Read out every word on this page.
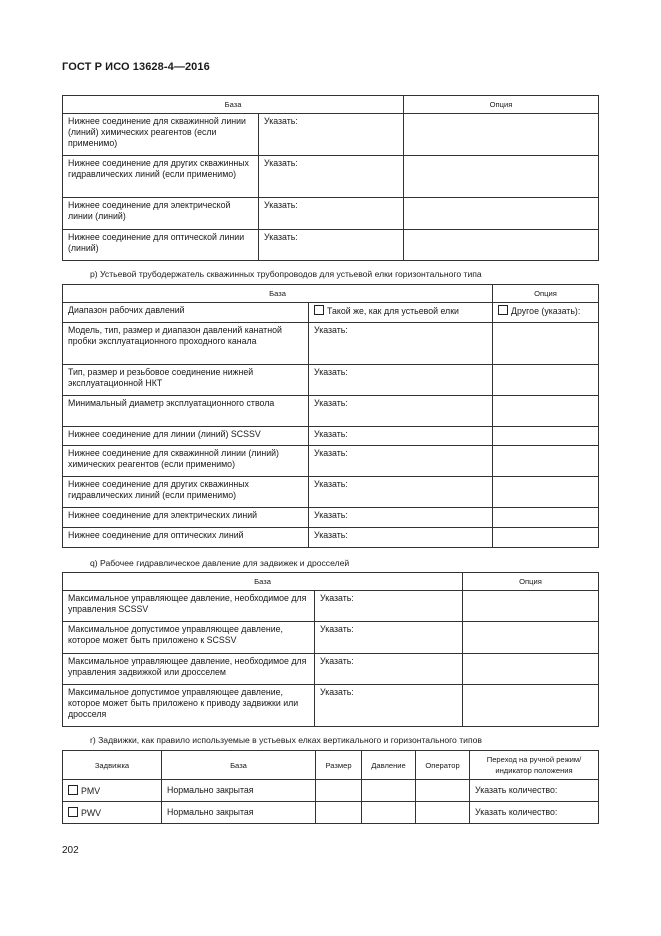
ГОСТ Р ИСО 13628-4—2016
База		Опция
Нижнее соединение для скважинной линии (линий) химических реагентов (если применимо)	Указать:	
Нижнее соединение для других скважинных гидравлических линий (если применимо)	Указать:	
Нижнее соединение для электрической линии (линий)	Указать:	
Нижнее соединение для оптической линии (линий)	Указать:	
p) Устьевой трубодержатель скважинных трубопроводов для устьевой елки горизонтального типа
База		Опция
Диапазон рабочих давлений	Такой же, как для устьевой елки	Другое (указать):
Модель, тип, размер и диапазон давлений канатной пробки эксплуатационного проходного канала	Указать:	
Тип, размер и резьбовое соединение нижней эксплуатационной НКТ	Указать:	
Минимальный диаметр эксплуатационного ствола	Указать:	
Нижнее соединение для линии (линий) SCSSV	Указать:	
Нижнее соединение для скважинной линии (линий) химических реагентов (если применимо)	Указать:	
Нижнее соединение для других скважинных гидравлических линий (если применимо)	Указать:	
Нижнее соединение для электрических линий	Указать:	
Нижнее соединение для оптических линий	Указать:	
q) Рабочее гидравлическое давление для задвижек и дросселей
База		Опция
Максимальное управляющее давление, необходимое для управления SCSSV	Указать:	
Максимальное допустимое управляющее давление, которое может быть приложено к SCSSV	Указать:	
Максимальное управляющее давление, необходимое для управления задвижкой или дросселем	Указать:	
Максимальное допустимое управляющее давление, которое может быть приложено к приводу задвижки или дросселя	Указать:	
r) Задвижки, как правило используемые в устьевых елках вертикального и горизонтального типов
Задвижка	База	Размер	Давление	Оператор	Переход на ручной режим/ индикатор положения
PMV	Нормально закрытая				Указать количество:
PWV	Нормально закрытая				Указать количество:
202
